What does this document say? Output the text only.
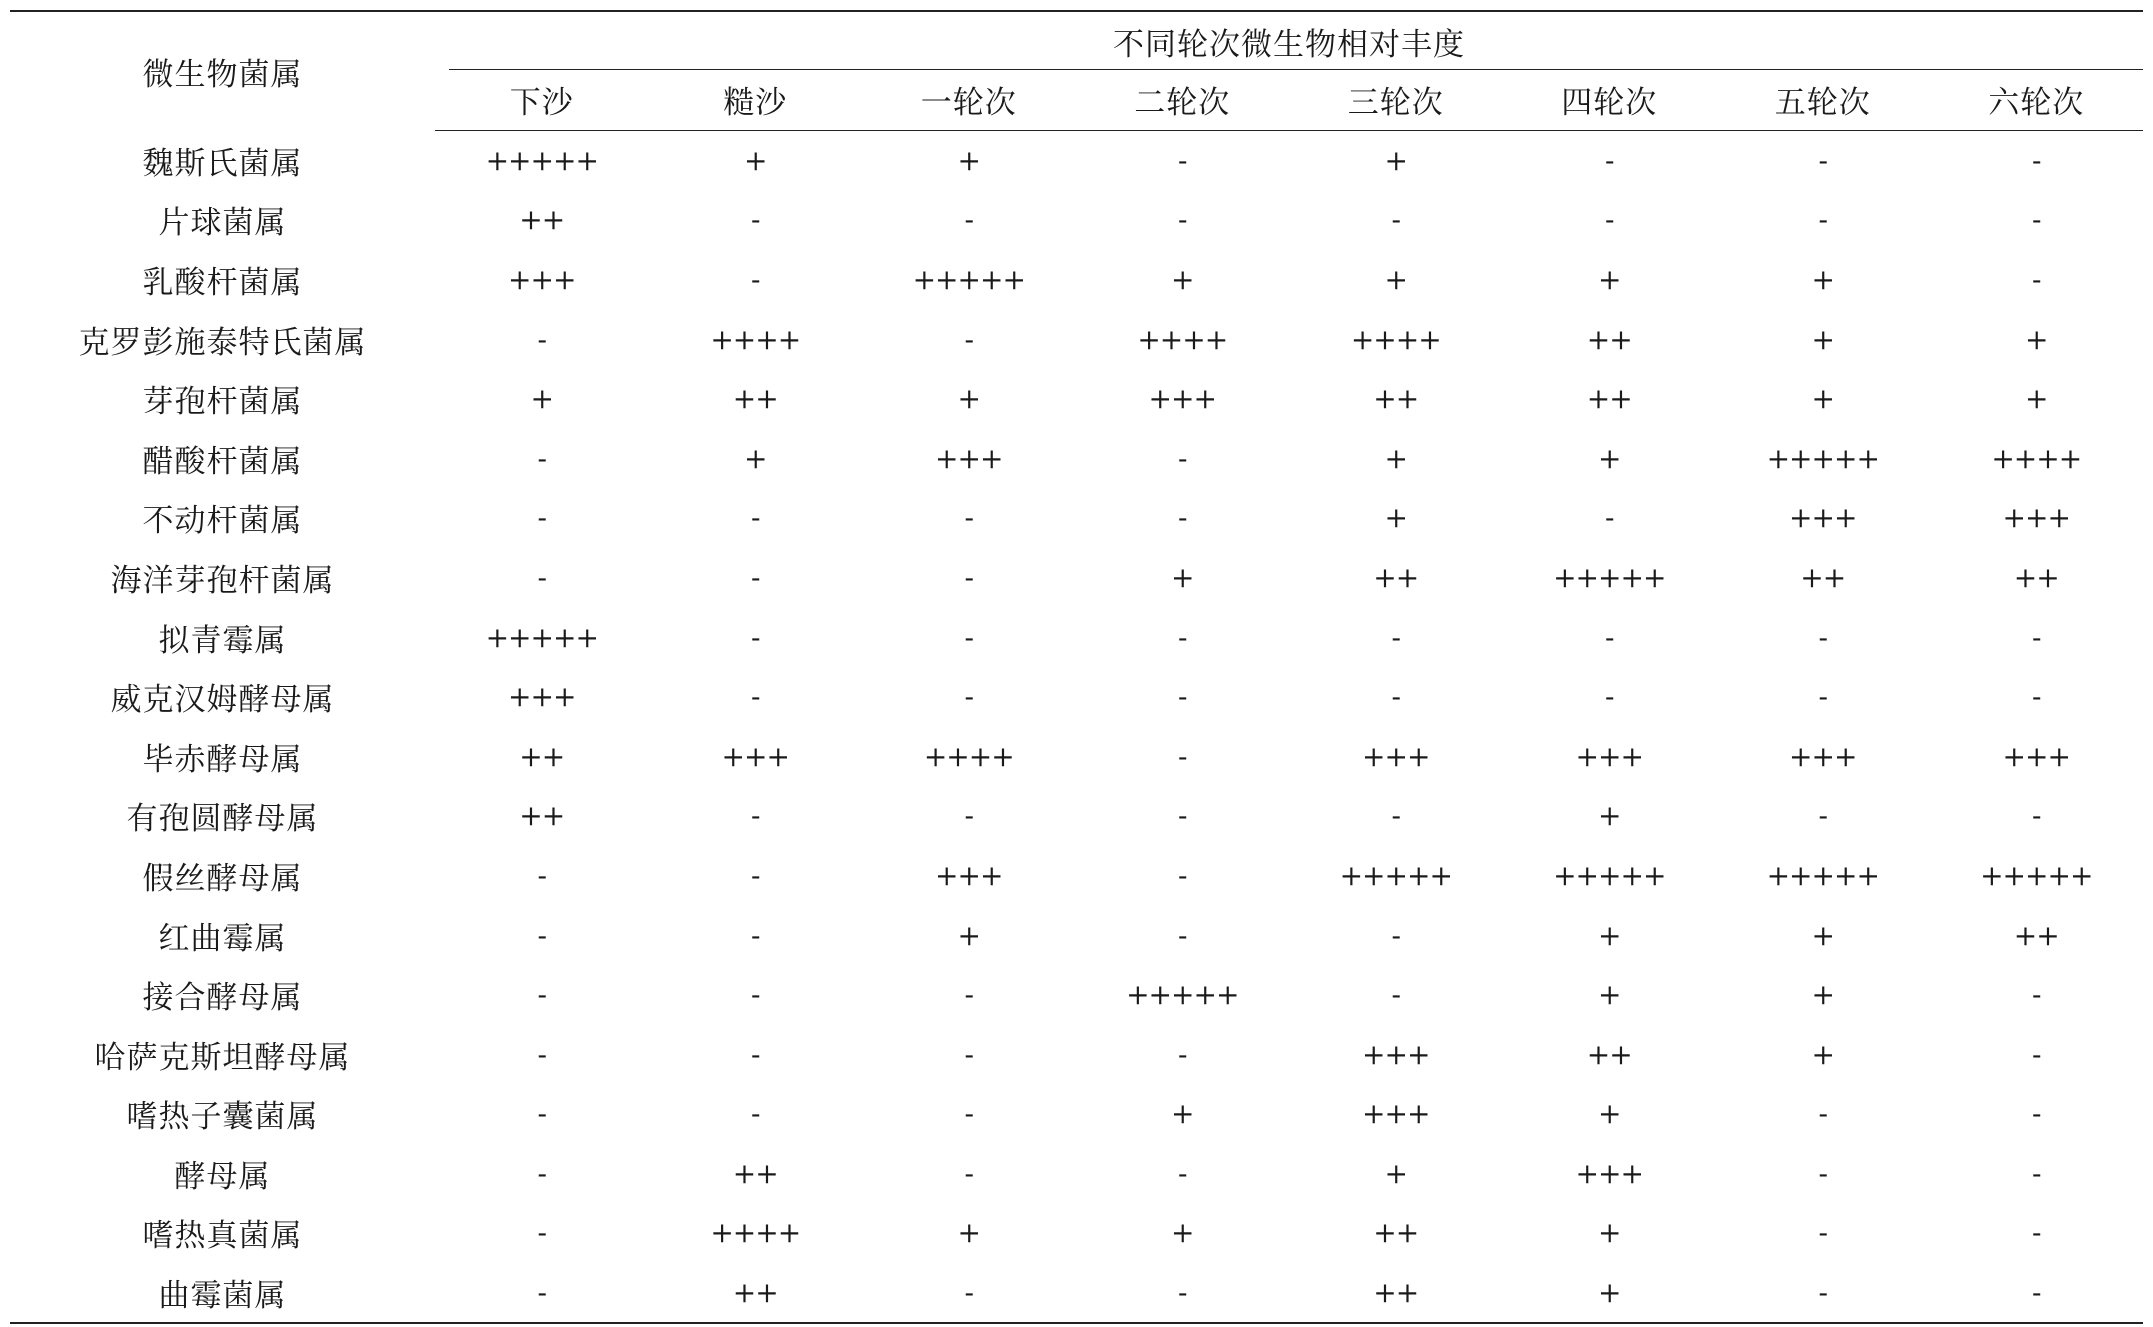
微生物菌属	不同轮次微生物相对丰度							

	下沙	糙沙	一轮次	二轮次	三轮次	四轮次	五轮次	六轮次
魏斯氏菌属	+++++	+	+	-	+	-	-	-
片球菌属	++	-	-	-	-	-	-	-
乳酸杆菌属	+++	-	+++++	+	+	+	+	-
克罗彭施泰特氏菌属	-	++++	-	++++	++++	++	+	+
芽孢杆菌属	+	++	+	+++	++	++	+	+
醋酸杆菌属	-	+	+++	-	+	+	+++++	++++
不动杆菌属	-	-	-	-	+	-	+++	+++
海洋芽孢杆菌属	-	-	-	+	++	+++++	++	++
拟青霉属	+++++	-	-	-	-	-	-	-
威克汉姆酵母属	+++	-	-	-	-	-	-	-
毕赤酵母属	++	+++	++++	-	+++	+++	+++	+++
有孢圆酵母属	++	-	-	-	-	+	-	-
假丝酵母属	-	-	+++	-	+++++	+++++	+++++	+++++
红曲霉属	-	-	+	-	-	+	+	++
接合酵母属	-	-	-	+++++	-	+	+	-
哈萨克斯坦酵母属	-	-	-	-	+++	++	+	-
嗜热子囊菌属	-	-	-	+	+++	+	-	-
酵母属	-	++	-	-	+	+++	-	-
嗜热真菌属	-	++++	+	+	++	+	-	-
曲霉菌属	-	++	-	-	++	+	-	-
